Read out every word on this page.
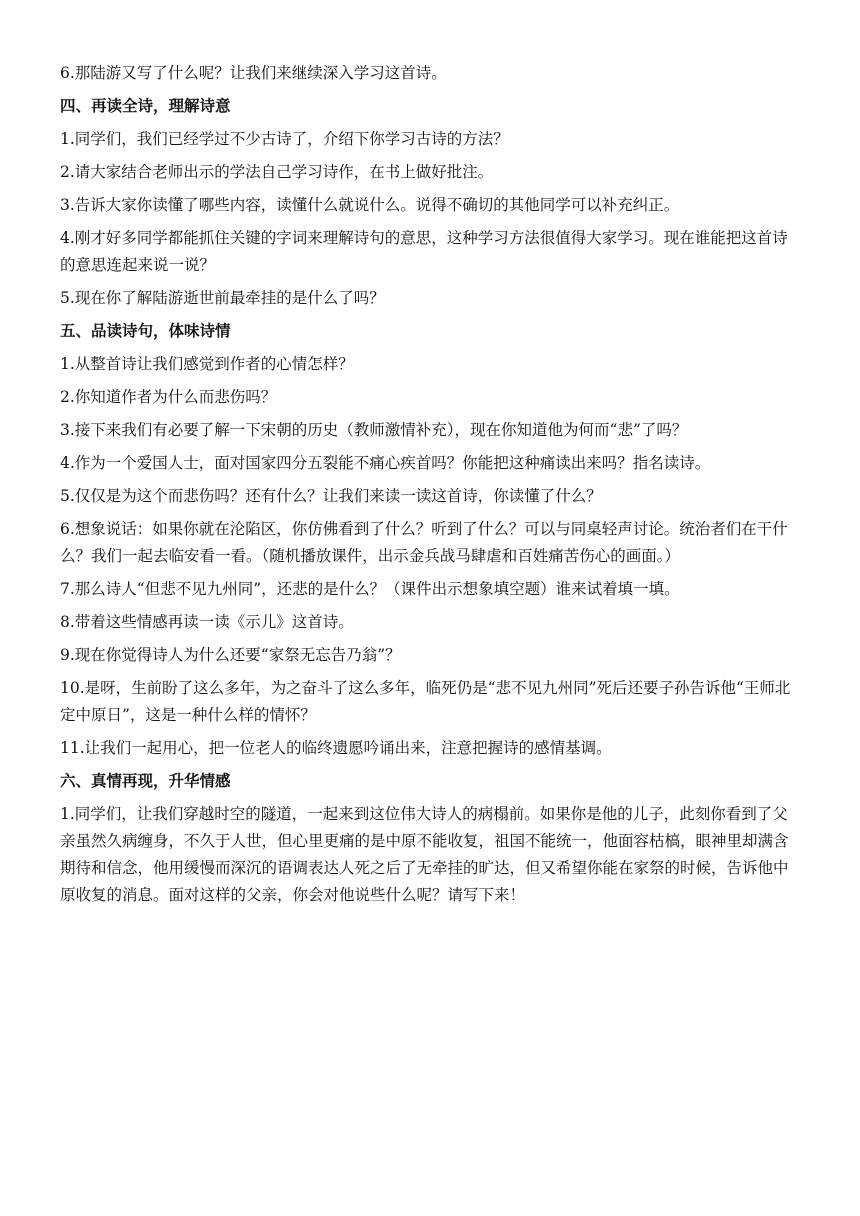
6.那陆游又写了什么呢？让我们来继续深入学习这首诗。

四、再读全诗，理解诗意

1.同学们，我们已经学过不少古诗了，介绍下你学习古诗的方法？

2.请大家结合老师出示的学法自己学习诗作，在书上做好批注。

3.告诉大家你读懂了哪些内容，读懂什么就说什么。说得不确切的其他同学可以补充纠正。

4.刚才好多同学都能抓住关键的字词来理解诗句的意思，这种学习方法很值得大家学习。现在谁能把这首诗的意思连起来说一说？

5.现在你了解陆游逝世前最牵挂的是什么了吗？

五、品读诗句，体味诗情

1.从整首诗让我们感觉到作者的心情怎样？

2.你知道作者为什么而悲伤吗？

3.接下来我们有必要了解一下宋朝的历史（教师激情补充），现在你知道他为何而“悲”了吗？

4.作为一个爱国人士，面对国家四分五裂能不痛心疾首吗？你能把这种痛读出来吗？指名读诗。

5.仅仅是为这个而悲伤吗？还有什么？让我们来读一读这首诗，你读懂了什么？

6.想象说话：如果你就在沦陷区，你仿佛看到了什么？听到了什么？可以与同桌轻声讨论。统治者们在干什么？我们一起去临安看一看。（随机播放课件，出示金兵战马肆虐和百姓痛苦伤心的画面。）

7.那么诗人“但悲不见九州同”，还悲的是什么？（课件出示想象填空题）谁来试着填一填。

8.带着这些情感再读一读《示儿》这首诗。

9.现在你觉得诗人为什么还要“家祭无忘告乃翁”？

10.是呀，生前盼了这么多年，为之奋斗了这么多年，临死仍是“悲不见九州同”死后还要子孙告诉他“王师北定中原日”，这是一种什么样的情怀？

11.让我们一起用心，把一位老人的临终遗愿吟诵出来，注意把握诗的感情基调。

六、真情再现，升华情感

1.同学们，让我们穿越时空的隧道，一起来到这位伟大诗人的病榻前。如果你是他的儿子，此刻你看到了父亲虽然久病缠身，不久于人世，但心里更痛的是中原不能收复，祖国不能统一，他面容枯槁，眼神里却满含期待和信念，他用缓慢而深沉的语调表达人死之后了无牵挂的旷达，但又希望你能在家祭的时候，告诉他中原收复的消息。面对这样的父亲，你会对他说些什么呢？请写下来！
